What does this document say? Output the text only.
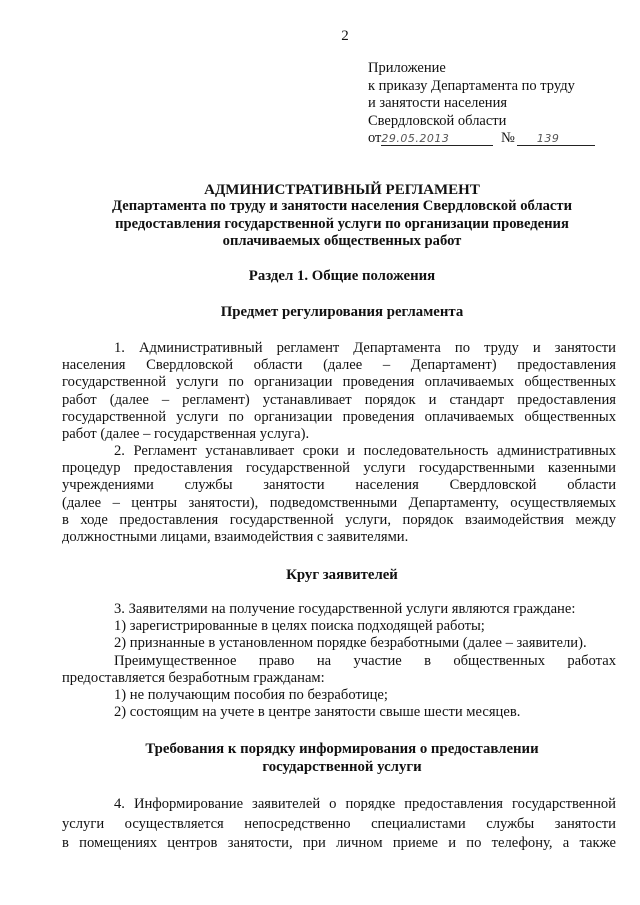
2
Приложение
к приказу Департамента по труду
и занятости населения
Свердловской области
от29.05.2013	№ 139
АДМИНИСТРАТИВНЫЙ РЕГЛАМЕНТ
Департамента по труду и занятости населения Свердловской области
предоставления государственной услуги по организации проведения
оплачиваемых общественных работ
Раздел 1. Общие положения
Предмет регулирования регламента
1. Административный регламент Департамента по труду и занятости
населения Свердловской области (далее – Департамент) предоставления
государственной услуги по организации проведения оплачиваемых общественных
работ (далее – регламент) устанавливает порядок и стандарт предоставления
государственной услуги по организации проведения оплачиваемых общественных
работ (далее – государственная услуга).
2. Регламент устанавливает сроки и последовательность административных
процедур предоставления государственной услуги государственными казенными
учреждениями службы занятости населения Свердловской области
(далее – центры занятости), подведомственными Департаменту, осуществляемых
в ходе предоставления государственной услуги, порядок взаимодействия между
должностными лицами, взаимодействия с заявителями.
Круг заявителей
3. Заявителями на получение государственной услуги являются граждане:
1) зарегистрированные в целях поиска подходящей работы;
2) признанные в установленном порядке безработными (далее – заявители).
Преимущественное право на участие в общественных работах
предоставляется безработным гражданам:
1) не получающим пособия по безработице;
2) состоящим на учете в центре занятости свыше шести месяцев.
Требования к порядку информирования о предоставлении
государственной услуги
4. Информирование заявителей о порядке предоставления государственной
услуги осуществляется непосредственно специалистами службы занятости
в помещениях центров занятости, при личном приеме и по телефону, а также
